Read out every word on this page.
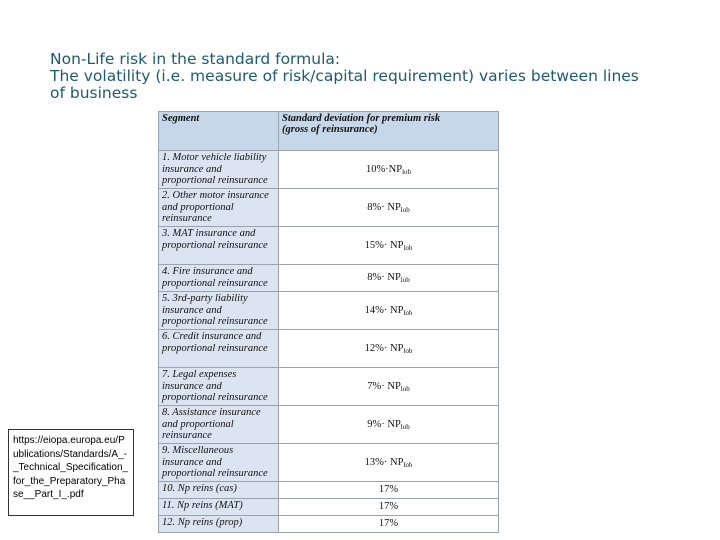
Non-Life risk in the standard formula:
The volatility (i.e. measure of risk/capital requirement) varies between lines
of business
Segment	Standard deviation for premium risk
(gross of reinsurance)

1. Motor vehicle liability insurance and proportional reinsurance	$10\%\cdot NP_{lob}$
2. Other motor insurance and proportional reinsurance	$8\%\cdot NP_{lob}$
3. MAT insurance and proportional reinsurance	$15\%\cdot NP_{lob}$
4. Fire insurance and proportional reinsurance	$8\%\cdot NP_{lob}$
5. 3rd-party liability insurance and proportional reinsurance	$14\%\cdot NP_{lob}$
6. Credit insurance and proportional reinsurance	$12\%\cdot NP_{lob}$
7. Legal expenses insurance and proportional reinsurance	$7\%\cdot NP_{lob}$
8. Assistance insurance and proportional reinsurance	$9\%\cdot NP_{lob}$
9. Miscellaneous insurance and proportional reinsurance	$13\%\cdot NP_{lob}$
10. Np reins (cas)	17%
11. Np reins (MAT)	17%
12. Np reins (prop)	17%
https://eiopa.europa.eu/Publications/Standards/A_-_Technical_Specification_for_the_Preparatory_Phase__Part_I_.pdf
